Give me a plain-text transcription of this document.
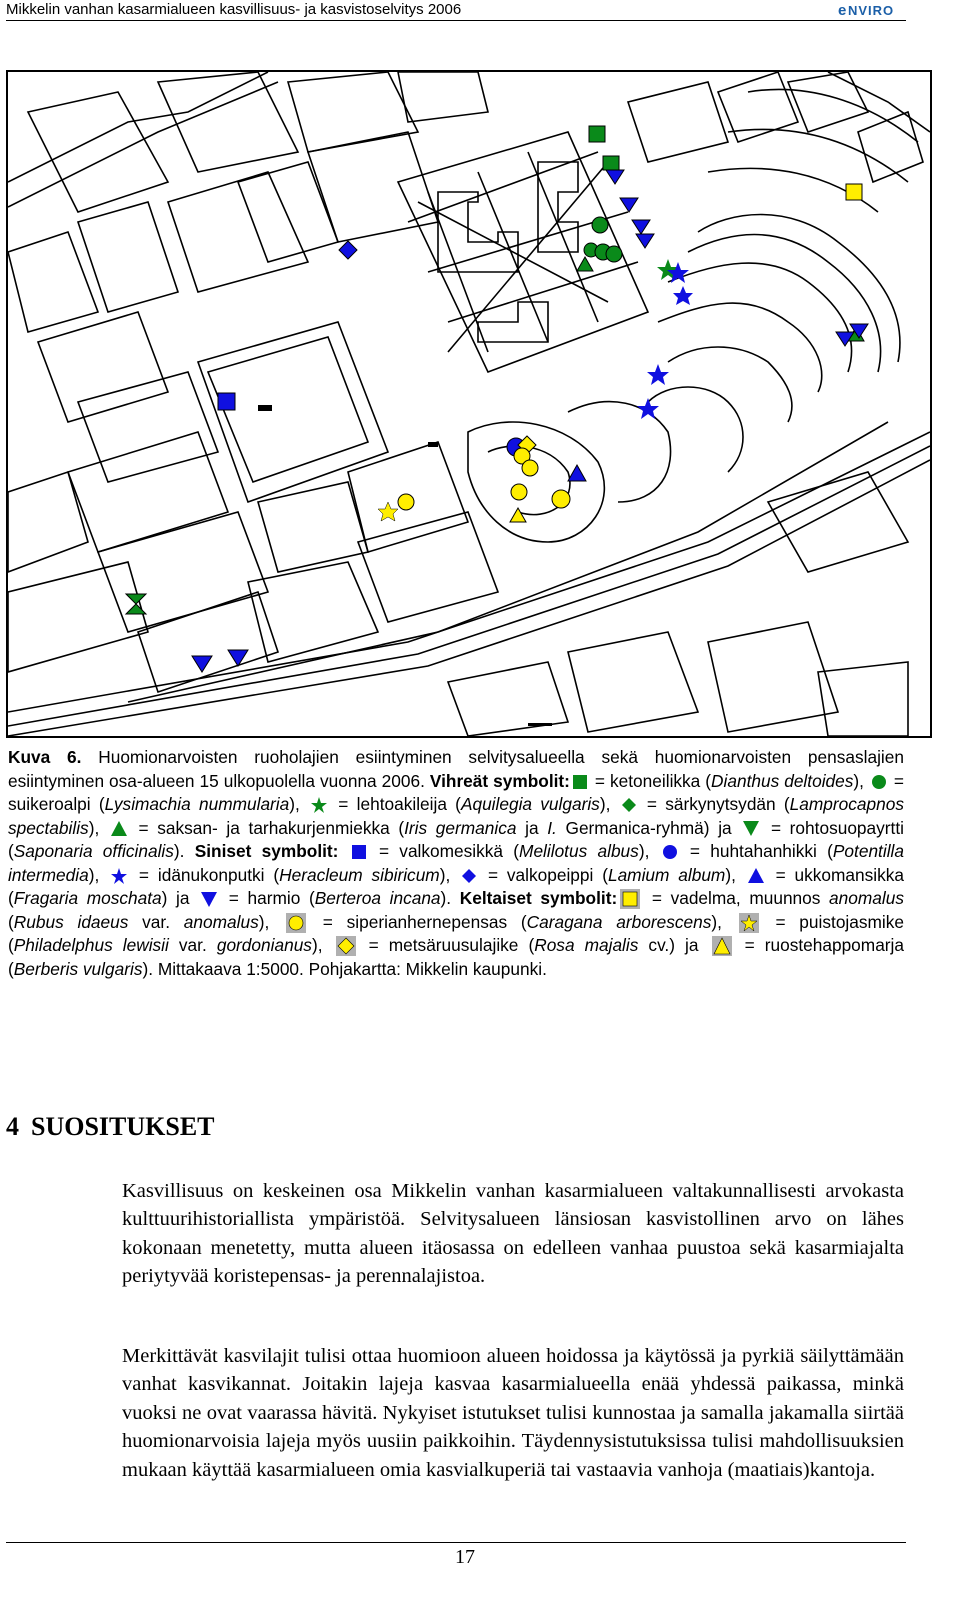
Mikkelin vanhan kasarmialueen kasvillisuus- ja kasvistoselvitys 2006	e NVIRO
Kuva 6. Huomionarvoisten ruoholajien esiintyminen selvitysalueella sekä huomionarvoisten pensaslajien esiintyminen osa-alueen 15 ulkopuolella vuonna 2006. Vihreät symbolit: = ketoneilikka (Dianthus deltoides),  = suikeroalpi (Lysimachia nummularia),  = lehtoakileija (Aquilegia vulgaris),  = särkynytsydän (Lamprocapnos spectabilis),  = saksan- ja tarhakurjenmiekka (Iris germanica ja I. Germanica-ryhmä) ja  = rohtosuopayrtti (Saponaria officinalis). Siniset symbolit:  = valkomesikkä (Melilotus albus),  = huhtahanhikki (Potentilla intermedia),  = idänukonputki (Heracleum sibiricum),  = valkopeippi (Lamium album),  = ukkomansikka (Fragaria moschata) ja  = harmio (Berteroa incana). Keltaiset symbolit: = vadelma, muunnos anomalus (Rubus idaeus var. anomalus),  = siperianhernepensas (Caragana arborescens),  = puistojasmike (Philadelphus lewisii var. gordonianus),  = metsäruusulajike (Rosa majalis cv.) ja  = ruostehappomarja (Berberis vulgaris). Mittakaava 1:5000. Pohjakartta: Mikkelin kaupunki.
4 SUOSITUKSET
Kasvillisuus on keskeinen osa Mikkelin vanhan kasarmialueen valtakunnallisesti arvokasta kulttuurihistoriallista ympäristöä. Selvitysalueen länsiosan kasvistollinen arvo on lähes kokonaan menetetty, mutta alueen itäosassa on edelleen vanhaa puustoa sekä kasarmiajalta periytyvää koristepensas- ja perennalajistoa.
Merkittävät kasvilajit tulisi ottaa huomioon alueen hoidossa ja käytössä ja pyrkiä säilyttämään vanhat kasvikannat. Joitakin lajeja kasvaa kasarmialueella enää yhdessä paikassa, minkä vuoksi ne ovat vaarassa hävitä. Nykyiset istutukset tulisi kunnostaa ja samalla jakamalla siirtää huomionarvoisia lajeja myös uusiin paikkoihin. Täydennysistutuksissa tulisi mahdollisuuksien mukaan käyttää kasarmialueen omia kasvialkuperiä tai vastaavia vanhoja (maatiais)kantoja.
17
